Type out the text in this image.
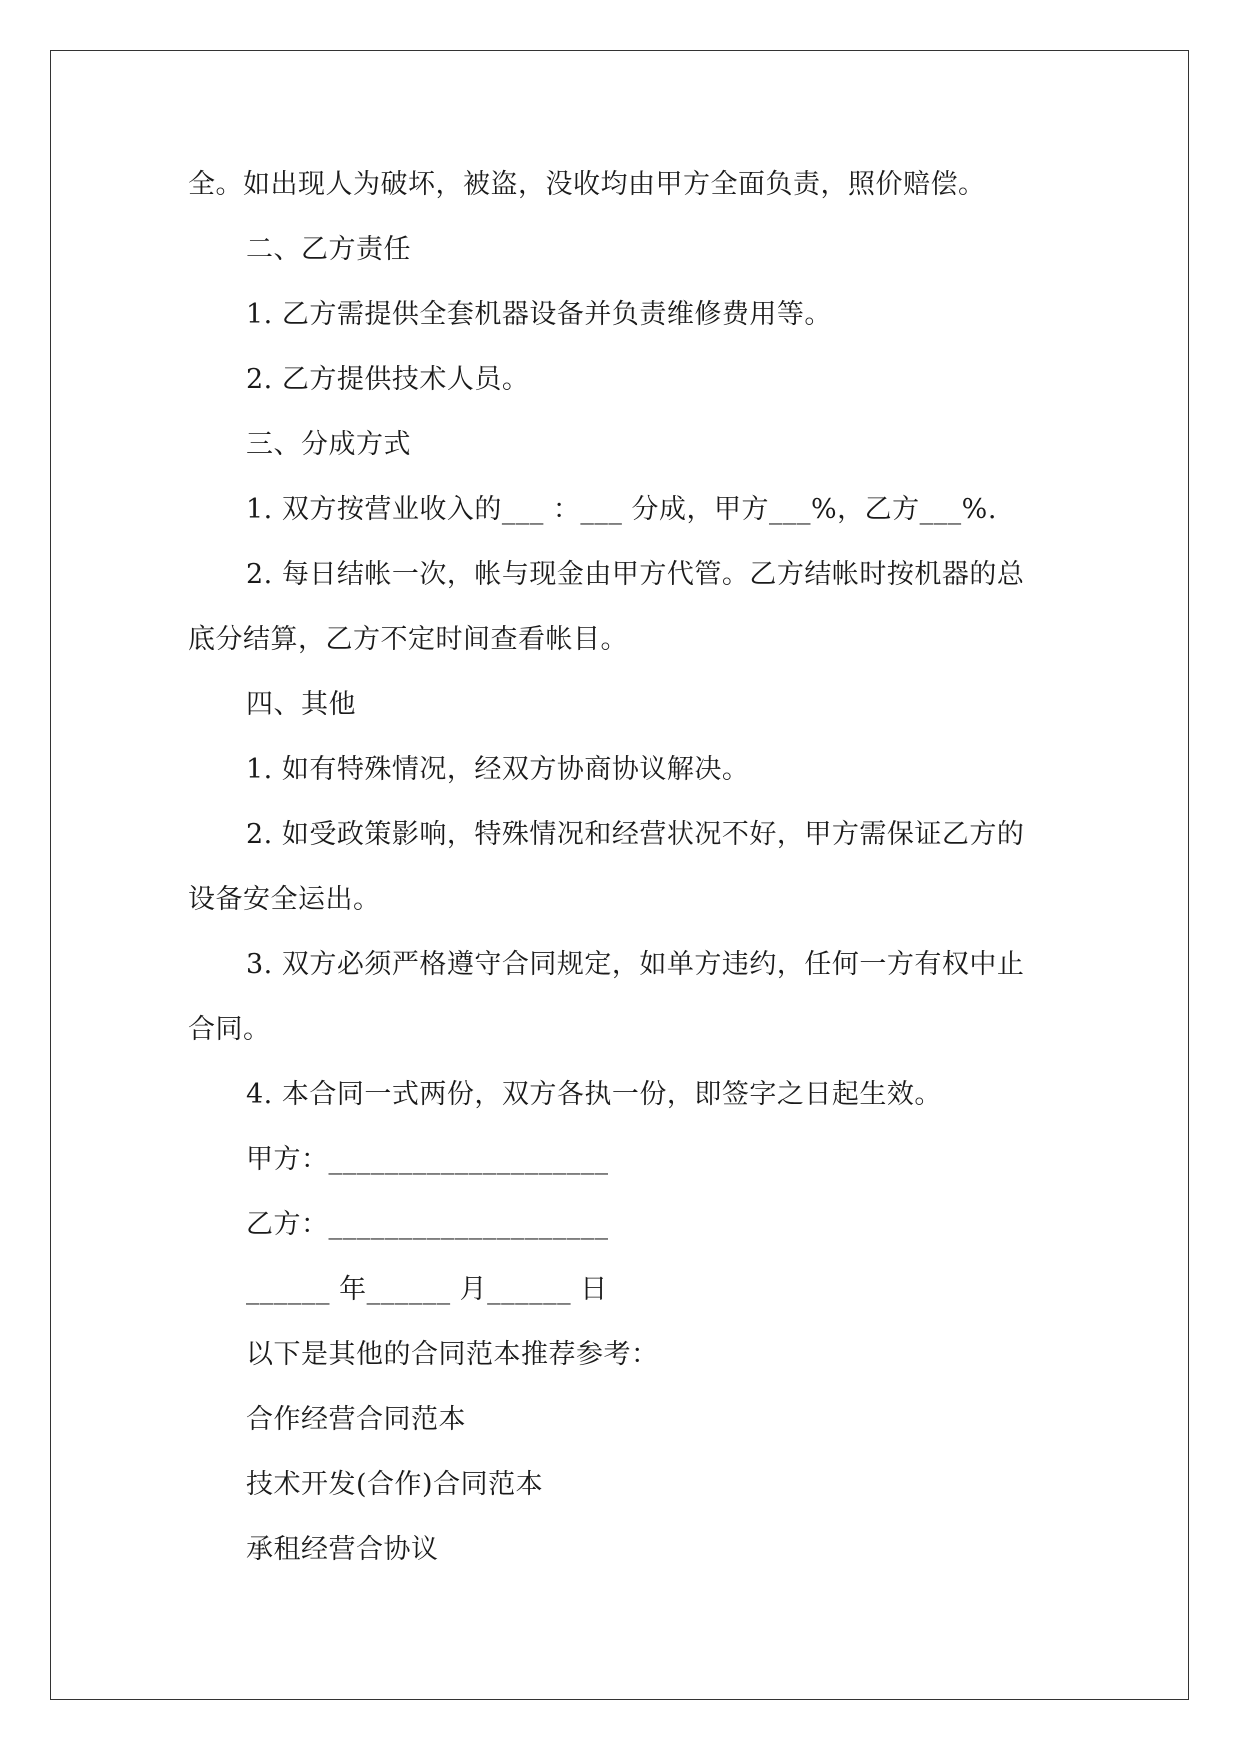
全。如出现人为破坏，被盗，没收均由甲方全面负责，照价赔偿。
二、乙方责任
1. 乙方需提供全套机器设备并负责维修费用等。
2. 乙方提供技术人员。
三、分成方式
1. 双方按营业收入的___ ：___ 分成，甲方___%，乙方___%.
2. 每日结帐一次，帐与现金由甲方代管。乙方结帐时按机器的总
底分结算，乙方不定时间查看帐目。
四、其他
1. 如有特殊情况，经双方协商协议解决。
2. 如受政策影响，特殊情况和经营状况不好，甲方需保证乙方的
设备安全运出。
3. 双方必须严格遵守合同规定，如单方违约，任何一方有权中止
合同。
4. 本合同一式两份，双方各执一份，即签字之日起生效。
甲方：____________________
乙方：____________________
______ 年______ 月______ 日
以下是其他的合同范本推荐参考：
合作经营合同范本
技术开发(合作)合同范本
承租经营合协议
